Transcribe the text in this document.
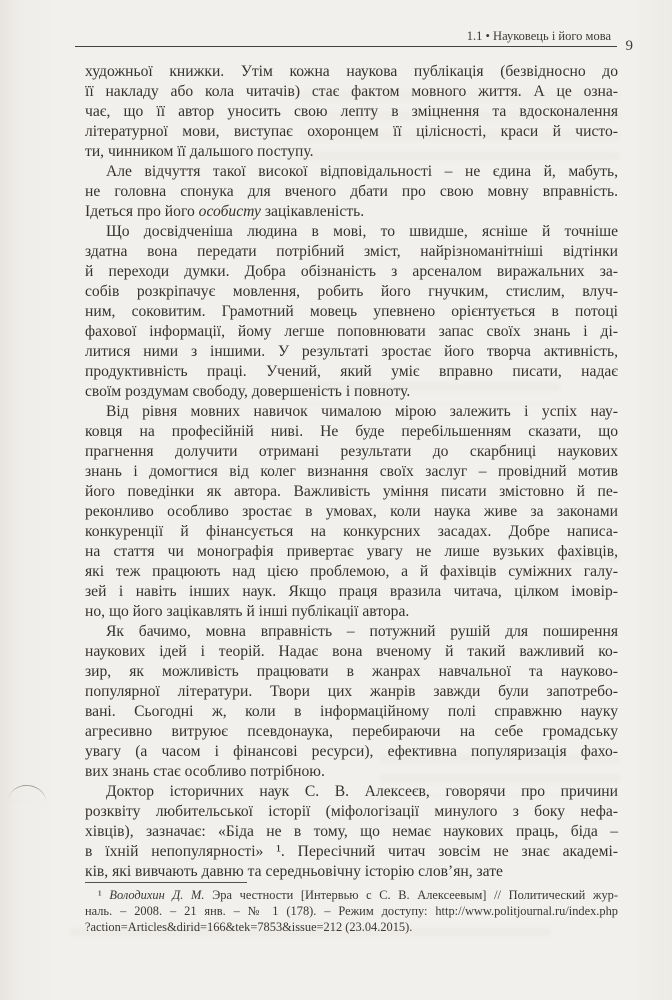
1.1 • Науковець і його мова
9
художньої книжки. Утім кожна наукова публікація (безвідносно до
її накладу або кола читачів) стає фактом мовного життя. А це озна-
чає, що її автор уносить свою лепту в зміцнення та вдосконалення
літературної мови, виступає охоронцем її цілісності, краси й чисто-
ти, чинником її дальшого поступу.
Але відчуття такої високої відповідальності – не єдина й, мабуть,
не головна спонука для вченого дбати про свою мовну вправність.
Ідеться про його особисту зацікавленість.
Що досвідченіша людина в мові, то швидше, ясніше й точніше
здатна вона передати потрібний зміст, найрізноманітніші відтінки
й переходи думки. Добра обізнаність з арсеналом виражальних за-
собів розкріпачує мовлення, робить його гнучким, стислим, влуч-
ним, соковитим. Грамотний мовець упевнено орієнтується в потоці
фахової інформації, йому легше поповнювати запас своїх знань і ді-
литися ними з іншими. У результаті зростає його творча активність,
продуктивність праці. Учений, який уміє вправно писати, надає
своїм роздумам свободу, довершеність і повноту.
Від рівня мовних навичок чималою мірою залежить і успіх нау-
ковця на професійній ниві. Не буде перебільшенням сказати, що
прагнення долучити отримані результати до скарбниці наукових
знань і домогтися від колег визнання своїх заслуг – провідний мотив
його поведінки як автора. Важливість уміння писати змістовно й пе-
реконливо особливо зростає в умовах, коли наука живе за законами
конкуренції й фінансується на конкурсних засадах. Добре написа-
на стаття чи монографія привертає увагу не лише вузьких фахівців,
які теж працюють над цією проблемою, а й фахівців суміжних галу-
зей і навіть інших наук. Якщо праця вразила читача, цілком імовір-
но, що його зацікавлять й інші публікації автора.
Як бачимо, мовна вправність – потужний рушій для поширення
наукових ідей і теорій. Надає вона вченому й такий важливий ко-
зир, як можливість працювати в жанрах навчальної та науково-
популярної літератури. Твори цих жанрів завжди були запотребо-
вані. Сьогодні ж, коли в інформаційному полі справжню науку
агресивно витруює псевдонаука, перебираючи на себе громадську
увагу (а часом і фінансові ресурси), ефективна популяризація фахо-
вих знань стає особливо потрібною.
Доктор історичних наук С. В. Алексеєв, говорячи про причини
розквіту любительської історії (міфологізації минулого з боку нефа-
хівців), зазначає: «Біда не в тому, що немає наукових праць, біда –
в їхній непопулярності» ¹. Пересічний читач зовсім не знає академі-
ків, які вивчають давню та середньовічну історію слов’ян, зате
¹ Володихин Д. М. Эра честности [Интервью с С. В. Алексеевым] // Политический жур-
наль. – 2008. – 21 янв. – № 1 (178). – Режим доступу: http://www.politjournal.ru/index.php
?action=Articles&dirid=166&tek=7853&issue=212 (23.04.2015).
